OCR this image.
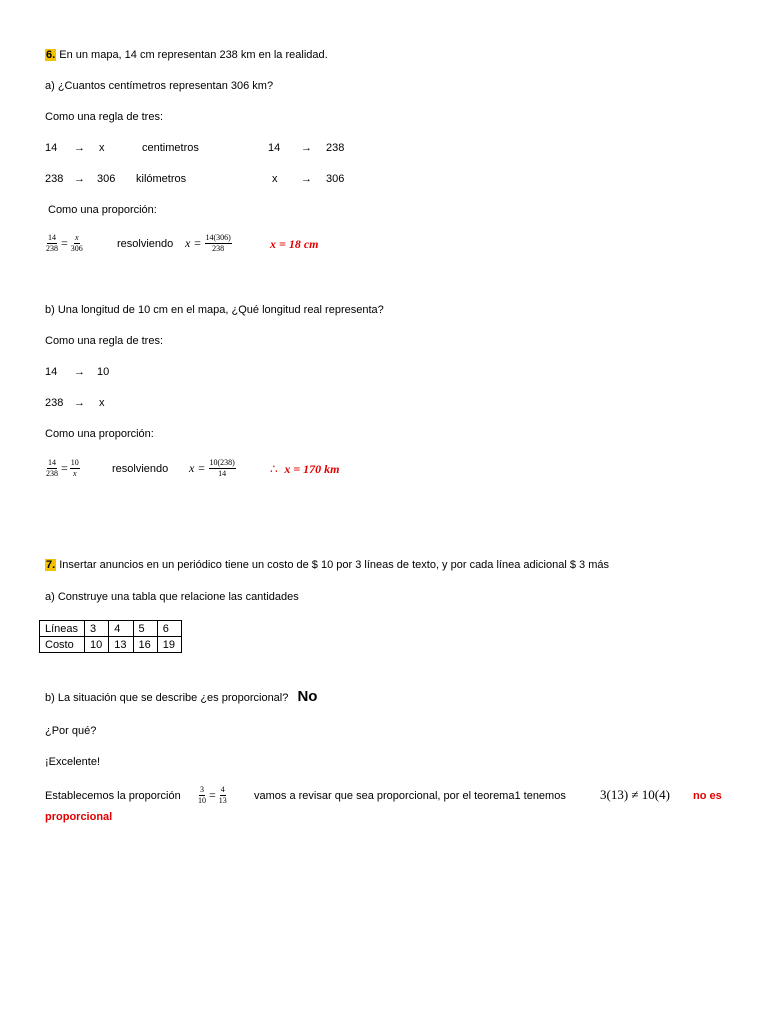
6. En un mapa, 14 cm representan 238 km en la realidad.
a) ¿Cuantos centímetros representan 306 km?
Como una regla de tres:
14 → x	centimetros	14 → 238
238 → 306 kilómetros	x → 306
Como una proporción:
$\frac{14}{238} = \frac{x}{306}$	resolviendo $x = \frac{14(306)}{238}$	x = 18 cm
b) Una longitud de 10 cm en el mapa, ¿Qué longitud real representa?
Como una regla de tres:
14 → 10
238 → x
Como una proporción:
$\frac{14}{238} = \frac{10}{x}$	resolviendo $x = \frac{10(238)}{14}$	∴ x = 170 km
7. Insertar anuncios en un periódico tiene un costo de $ 10 por 3 líneas de texto, y por cada línea adicional $ 3 más
a) Construye una tabla que relacione las cantidades
Líneas	3	4	5	6
Costo	10	13	16	19
b) La situación que se describe ¿es proporcional? No
¿Por qué?
¡Excelente!
Establecemos la proporción $\frac{3}{10} = \frac{4}{13}$ vamos a revisar que sea proporcional, por el teorema1 tenemos	3(13) ≠ 10(4) no es
proporcional
